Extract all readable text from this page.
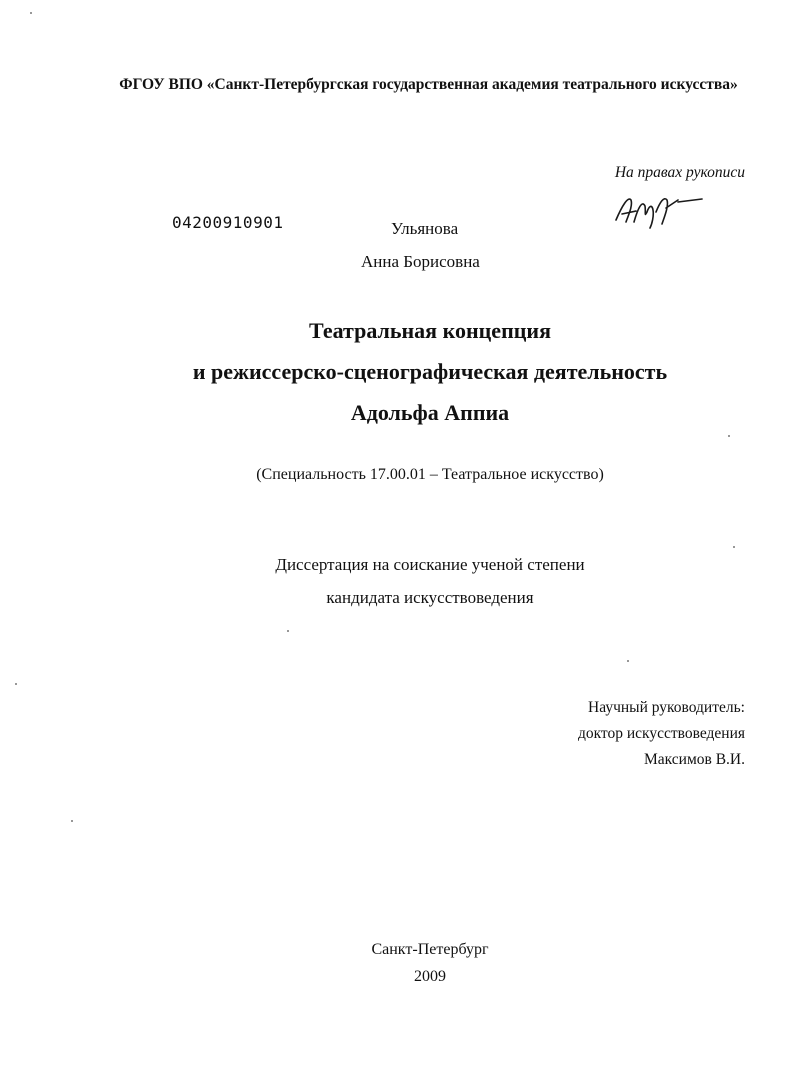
ФГОУ ВПО «Санкт-Петербургская государственная академия театрального искусства»
На правах рукописи
04200910901	Ульянова
Анна Борисовна
Театральная концепция
и режиссерско-сценографическая деятельность
Адольфа Аппиа
(Специальность 17.00.01 – Театральное искусство)
Диссертация на соискание ученой степени
кандидата искусствоведения
Научный руководитель:
доктор искусствоведения
Максимов В.И.
Санкт-Петербург
2009
